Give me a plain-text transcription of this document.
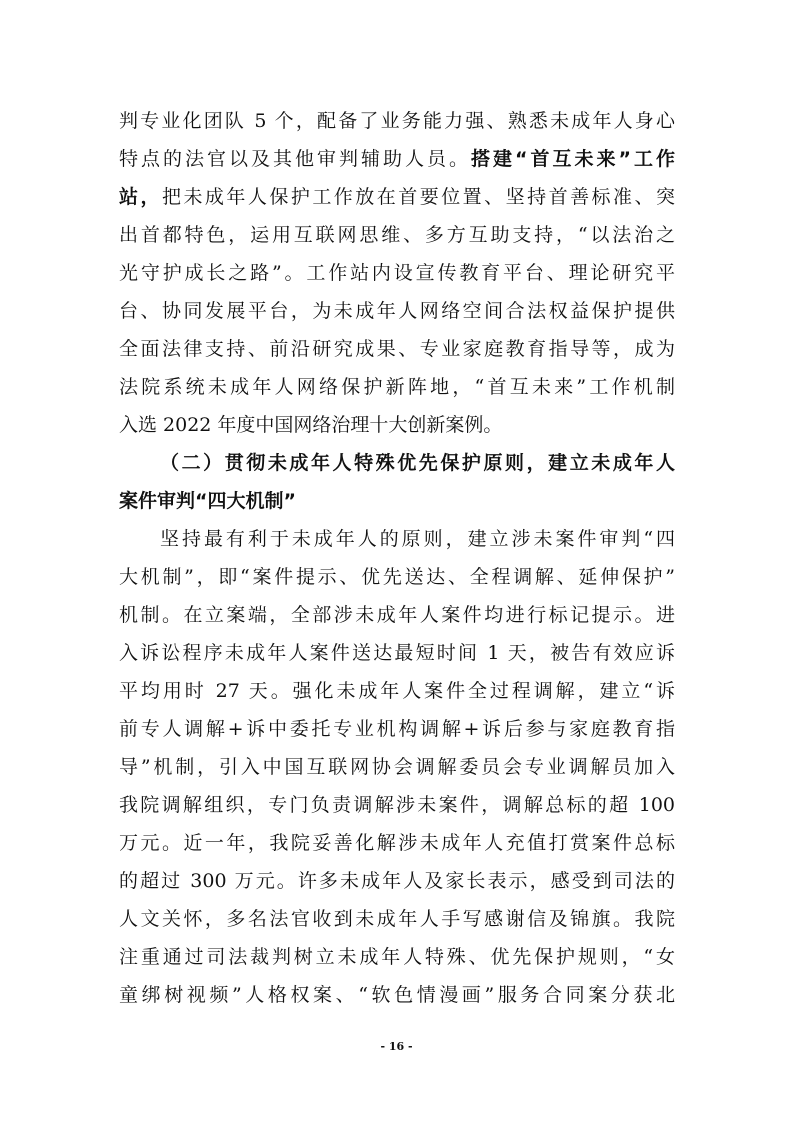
判专业化团队 5 个，配备了业务能力强、熟悉未成年人身心
特点的法官以及其他审判辅助人员。搭建“首互未来”工作
站，把未成年人保护工作放在首要位置、坚持首善标准、突
出首都特色，运用互联网思维、多方互助支持，“以法治之
光守护成长之路”。工作站内设宣传教育平台、理论研究平
台、协同发展平台，为未成年人网络空间合法权益保护提供
全面法律支持、前沿研究成果、专业家庭教育指导等，成为
法院系统未成年人网络保护新阵地，“首互未来”工作机制
入选 2022 年度中国网络治理十大创新案例。
（二）贯彻未成年人特殊优先保护原则，建立未成年人
案件审判“四大机制”
坚持最有利于未成年人的原则，建立涉未案件审判“四
大机制”，即“案件提示、优先送达、全程调解、延伸保护”
机制。在立案端，全部涉未成年人案件均进行标记提示。进
入诉讼程序未成年人案件送达最短时间 1 天，被告有效应诉
平均用时 27 天。强化未成年人案件全过程调解，建立“诉
前专人调解+诉中委托专业机构调解+诉后参与家庭教育指
导”机制，引入中国互联网协会调解委员会专业调解员加入
我院调解组织，专门负责调解涉未案件，调解总标的超 100
万元。近一年，我院妥善化解涉未成年人充值打赏案件总标
的超过 300 万元。许多未成年人及家长表示，感受到司法的
人文关怀，多名法官收到未成年人手写感谢信及锦旗。我院
注重通过司法裁判树立未成年人特殊、优先保护规则，“女
童绑树视频”人格权案、“软色情漫画”服务合同案分获北
- 16 -
